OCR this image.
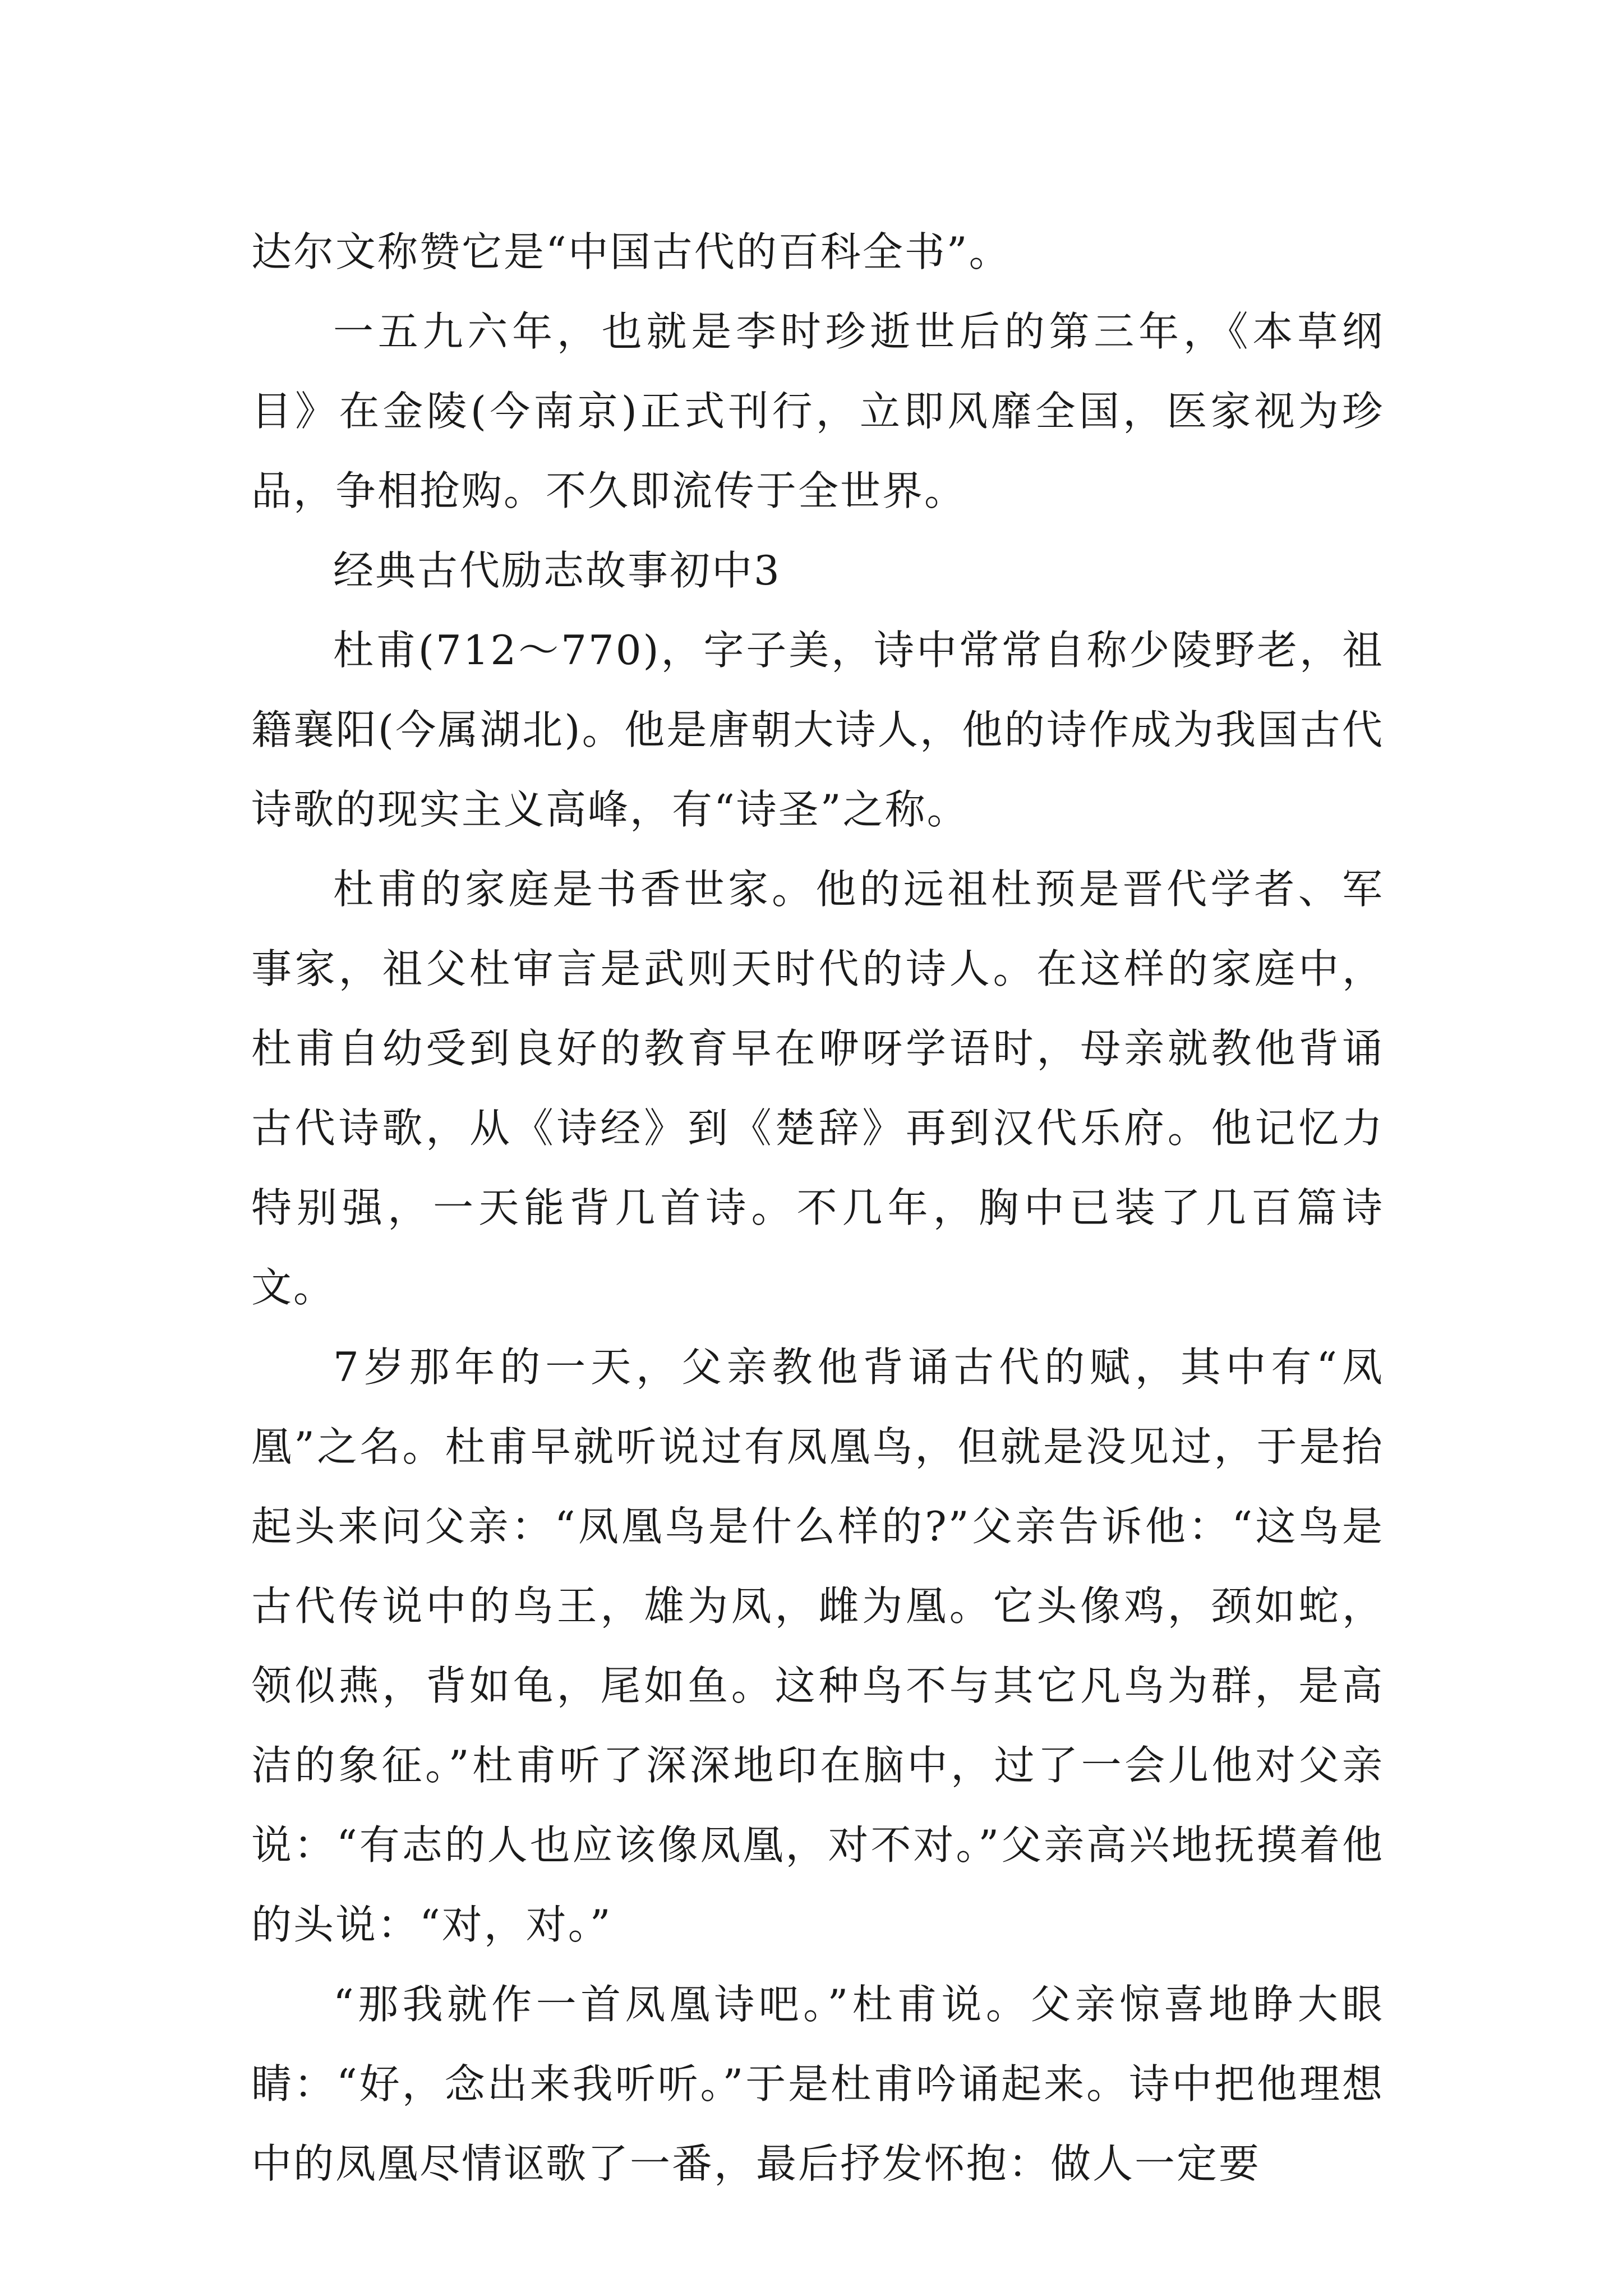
达尔文称赞它是“中国古代的百科全书”。

一五九六年，也就是李时珍逝世后的第三年，《本草纲目》在金陵(今南京)正式刊行，立即风靡全国，医家视为珍品，争相抢购。不久即流传于全世界。

经典古代励志故事初中3

杜甫(712～770)，字子美，诗中常常自称少陵野老，祖籍襄阳(今属湖北)。他是唐朝大诗人，他的诗作成为我国古代诗歌的现实主义高峰，有“诗圣”之称。

杜甫的家庭是书香世家。他的远祖杜预是晋代学者、军事家，祖父杜审言是武则天时代的诗人。在这样的家庭中，杜甫自幼受到良好的教育早在咿呀学语时，母亲就教他背诵古代诗歌，从《诗经》到《楚辞》再到汉代乐府。他记忆力特别强，一天能背几首诗。不几年，胸中已装了几百篇诗文。

7岁那年的一天，父亲教他背诵古代的赋，其中有“凤凰”之名。杜甫早就听说过有凤凰鸟，但就是没见过，于是抬起头来问父亲：“凤凰鸟是什么样的?”父亲告诉他：“这鸟是古代传说中的鸟王，雄为凤，雌为凰。它头像鸡，颈如蛇，领似燕，背如龟，尾如鱼。这种鸟不与其它凡鸟为群，是高洁的象征。”杜甫听了深深地印在脑中，过了一会儿他对父亲说：“有志的人也应该像凤凰，对不对。”父亲高兴地抚摸着他的头说：“对，对。”

“那我就作一首凤凰诗吧。”杜甫说。父亲惊喜地睁大眼睛：“好，念出来我听听。”于是杜甫吟诵起来。诗中把他理想中的凤凰尽情讴歌了一番，最后抒发怀抱：做人一定要
